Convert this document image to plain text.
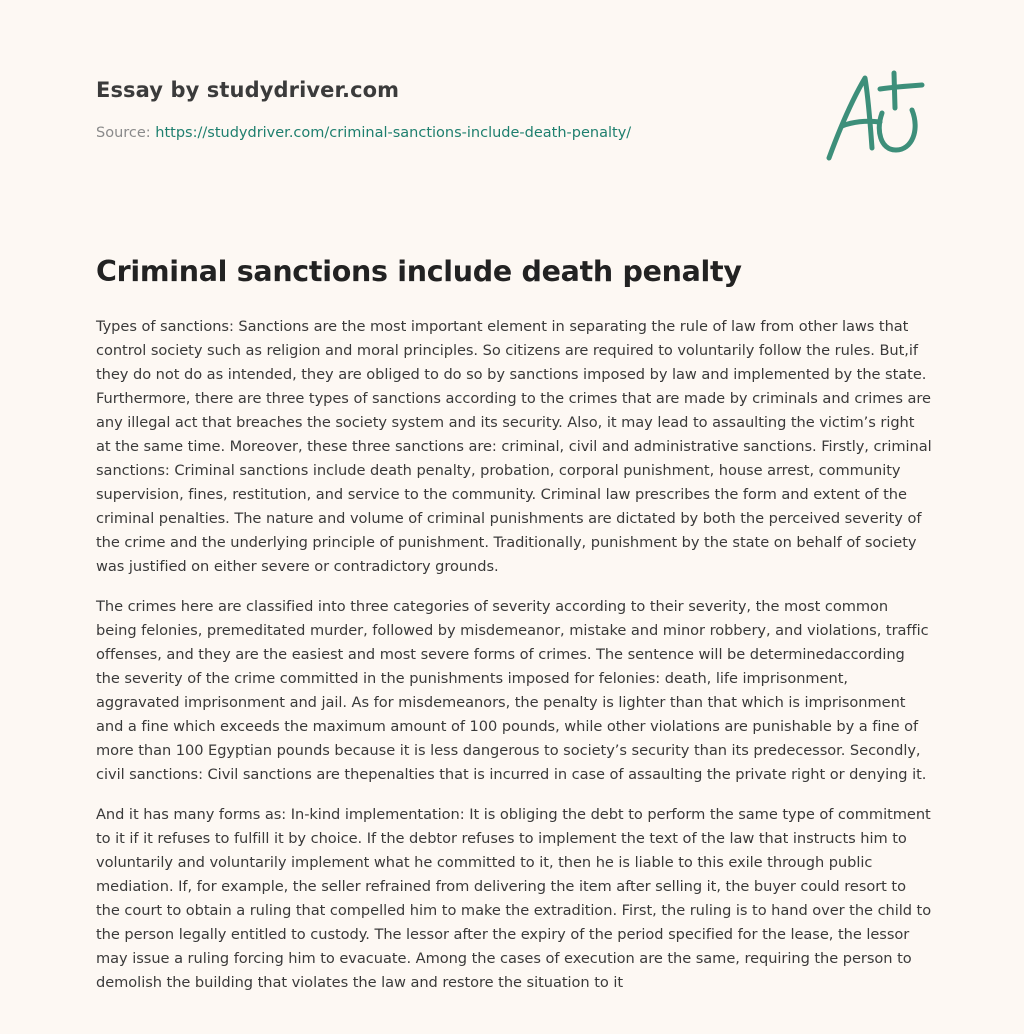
Essay by studydriver.com
Source: https://studydriver.com/criminal-sanctions-include-death-penalty/
Criminal sanctions include death penalty

Types of sanctions: Sanctions are the most important element in separating the rule of law from other laws that control society such as religion and moral principles. So citizens are required to voluntarily follow the rules. But,if they do not do as intended, they are obliged to do so by sanctions imposed by law and implemented by the state. Furthermore, there are three types of sanctions according to the crimes that are made by criminals and crimes are any illegal act that breaches the society system and its security. Also, it may lead to assaulting the victim’s right at the same time. Moreover, these three sanctions are: criminal, civil and administrative sanctions. Firstly, criminal sanctions: Criminal sanctions include death penalty, probation, corporal punishment, house arrest, community supervision, fines, restitution, and service to the community. Criminal law prescribes the form and extent of the criminal penalties. The nature and volume of criminal punishments are dictated by both the perceived severity of the crime and the underlying principle of punishment. Traditionally, punishment by the state on behalf of society was justified on either severe or contradictory grounds.

The crimes here are classified into three categories of severity according to their severity, the most common being felonies, premeditated murder, followed by misdemeanor, mistake and minor robbery, and violations, traffic offenses, and they are the easiest and most severe forms of crimes. The sentence will be determinedaccording the severity of the crime committed in the punishments imposed for felonies: death, life imprisonment, aggravated imprisonment and jail. As for misdemeanors, the penalty is lighter than that which is imprisonment and a fine which exceeds the maximum amount of 100 pounds, while other violations are punishable by a fine of more than 100 Egyptian pounds because it is less dangerous to society’s security than its predecessor. Secondly, civil sanctions: Civil sanctions are thepenalties that is incurred in case of assaulting the private right or denying it.

And it has many forms as: In-kind implementation: It is obliging the debt to perform the same type of commitment to it if it refuses to fulfill it by choice. If the debtor refuses to implement the text of the law that instructs him to voluntarily and voluntarily implement what he committed to it, then he is liable to this exile through public mediation. If, for example, the seller refrained from delivering the item after selling it, the buyer could resort to the court to obtain a ruling that compelled him to make the extradition. First, the ruling is to hand over the child to the person legally entitled to custody. The lessor after the expiry of the period specified for the lease, the lessor may issue a ruling forcing him to evacuate. Among the cases of execution are the same, requiring the person to demolish the building that violates the law and restore the situation to it
